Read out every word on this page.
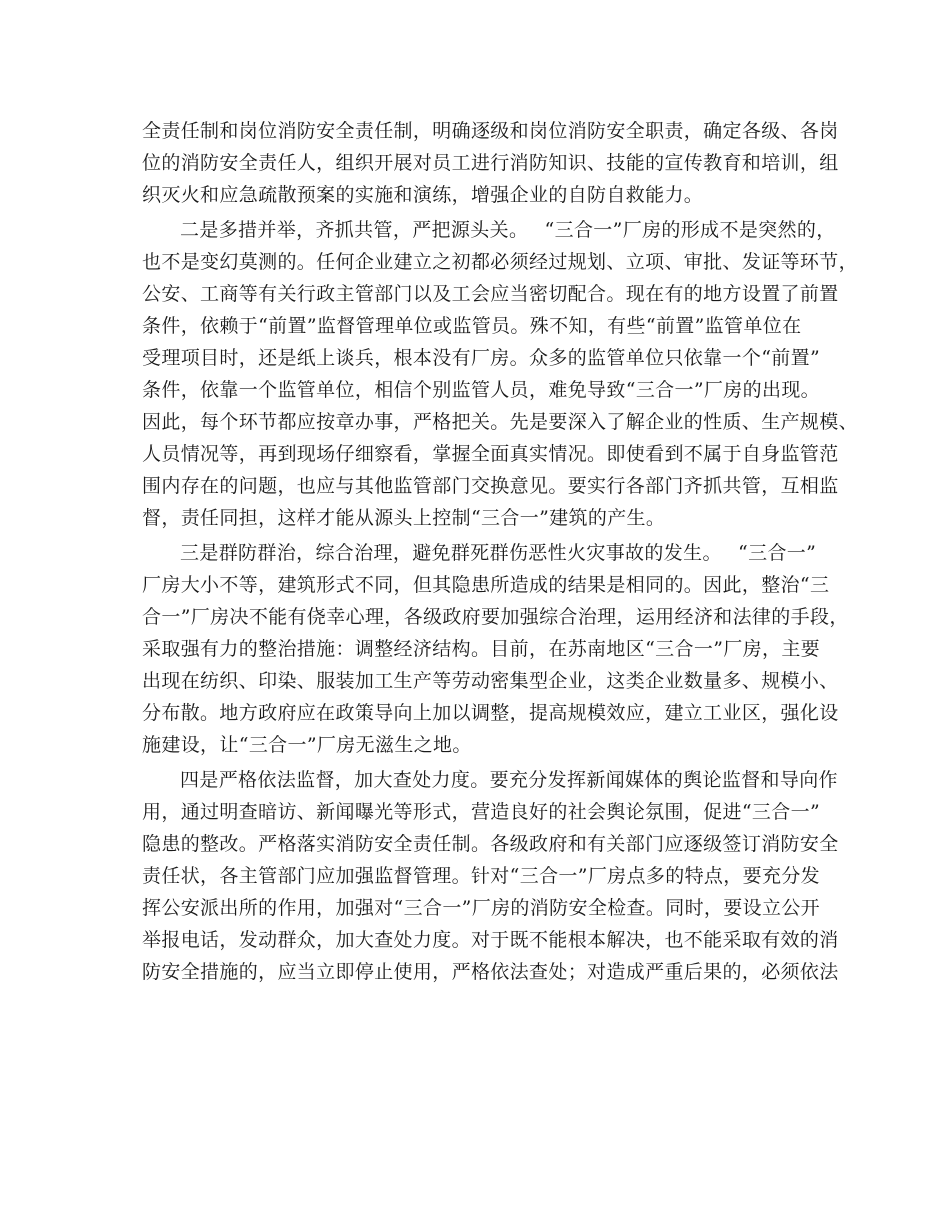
全责任制和岗位消防安全责任制，明确逐级和岗位消防安全职责，确定各级、各岗
位的消防安全责任人，组织开展对员工进行消防知识、技能的宣传教育和培训，组
织灭火和应急疏散预案的实施和演练，增强企业的自防自救能力。
二是多措并举，齐抓共管，严把源头关。　 “三合一”厂房的形成不是突然的，
也不是变幻莫测的。任何企业建立之初都必须经过规划、立项、审批、发证等环节，
公安、工商等有关行政主管部门以及工会应当密切配合。现在有的地方设置了前置
条件，依赖于“前置”监督管理单位或监管员。殊不知，有些“前置”监管单位在
受理项目时，还是纸上谈兵，根本没有厂房。众多的监管单位只依靠一个“前置”
条件，依靠一个监管单位，相信个别监管人员，难免导致“三合一”厂房的出现。
因此，每个环节都应按章办事，严格把关。先是要深入了解企业的性质、生产规模、
人员情况等，再到现场仔细察看，掌握全面真实情况。即使看到不属于自身监管范
围内存在的问题，也应与其他监管部门交换意见。要实行各部门齐抓共管，互相监
督，责任同担，这样才能从源头上控制“三合一”建筑的产生。
三是群防群治，综合治理，避免群死群伤恶性火灾事故的发生。　 “三合一”
厂房大小不等，建筑形式不同，但其隐患所造成的结果是相同的。因此，整治“三
合一”厂房决不能有侥幸心理，各级政府要加强综合治理，运用经济和法律的手段，
采取强有力的整治措施：调整经济结构。目前，在苏南地区“三合一”厂房，主要
出现在纺织、印染、服装加工生产等劳动密集型企业，这类企业数量多、规模小、
分布散。地方政府应在政策导向上加以调整，提高规模效应，建立工业区，强化设
施建设，让“三合一”厂房无滋生之地。
四是严格依法监督，加大查处力度。要充分发挥新闻媒体的舆论监督和导向作
用，通过明查暗访、新闻曝光等形式，营造良好的社会舆论氛围，促进“三合一”
隐患的整改。严格落实消防安全责任制。各级政府和有关部门应逐级签订消防安全
责任状，各主管部门应加强监督管理。针对“三合一”厂房点多的特点，要充分发
挥公安派出所的作用，加强对“三合一”厂房的消防安全检查。同时，要设立公开
举报电话，发动群众，加大查处力度。对于既不能根本解决，也不能采取有效的消
防安全措施的，应当立即停止使用，严格依法查处；对造成严重后果的，必须依法
